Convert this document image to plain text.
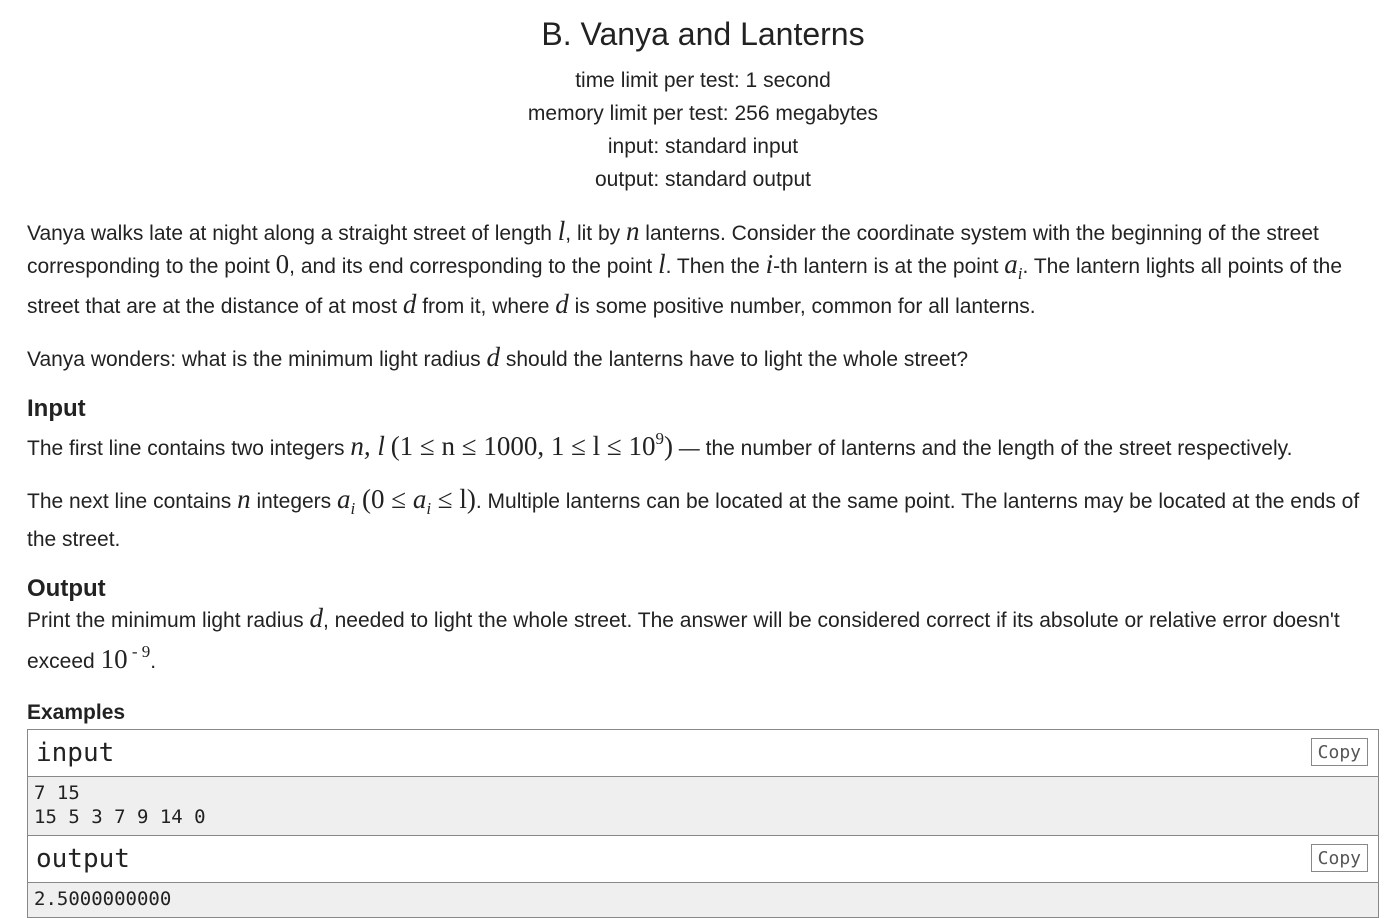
B. Vanya and Lanterns
time limit per test: 1 second
memory limit per test: 256 megabytes
input: standard input
output: standard output

Vanya walks late at night along a straight street of length l, lit by n lanterns. Consider the coordinate system with the beginning of the street corresponding to the point 0, and its end corresponding to the point l. Then the i-th lantern is at the point $a_i$. The lantern lights all points of the street that are at the distance of at most d from it, where d is some positive number, common for all lanterns.

Vanya wonders: what is the minimum light radius d should the lanterns have to light the whole street?

Input

The first line contains two integers n, l (1 ≤ n ≤ 1000, $1 \le l \le 10^9$) — the number of lanterns and the length of the street respectively.

The next line contains n integers $a_i$ $(0 \le a_i \le l)$. Multiple lanterns can be located at the same point. The lanterns may be located at the ends of the street.

Output

Print the minimum light radius d, needed to light the whole street. The answer will be considered correct if its absolute or relative error doesn't exceed 10 $^{- 9}$.

Examples
input	Copy
7 15
15 5 3 7 9 14 0
output	Copy
2.5000000000
